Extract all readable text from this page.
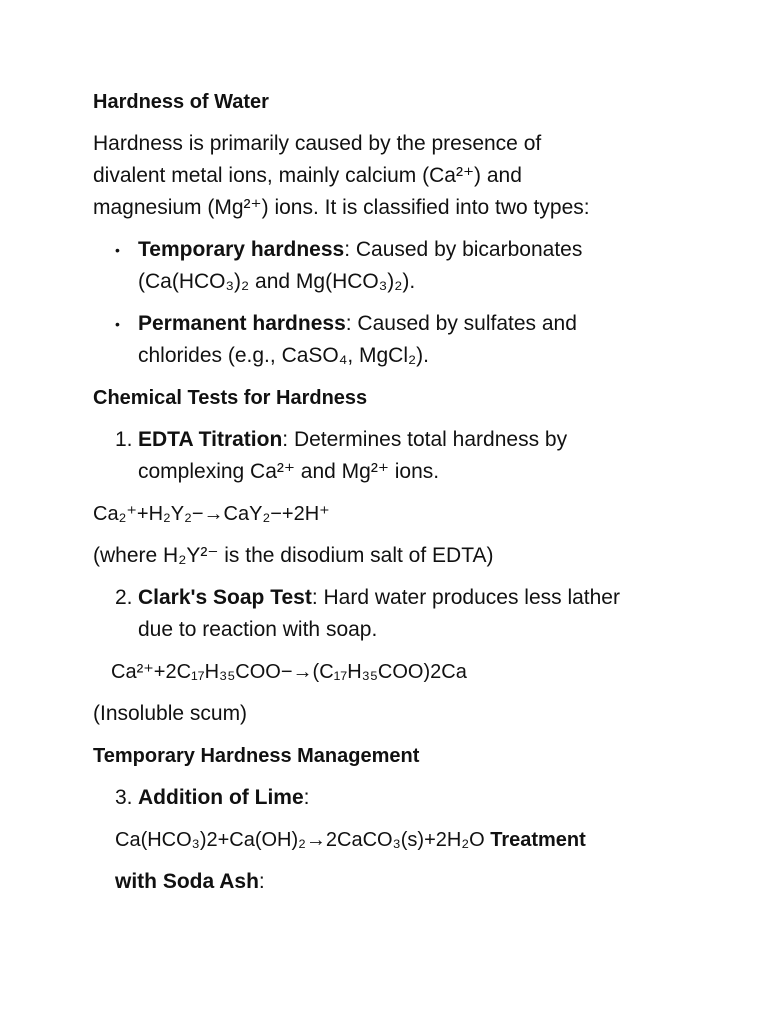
Hardness of Water
Hardness is primarily caused by the presence of
divalent metal ions, mainly calcium (Ca²⁺) and
magnesium (Mg²⁺) ions. It is classified into two types:
• Temporary hardness: Caused by bicarbonates
(Ca(HCO₃)₂ and Mg(HCO₃)₂).
• Permanent hardness: Caused by sulfates and
chlorides (e.g., CaSO₄, MgCl₂).
Chemical Tests for Hardness
1. EDTA Titration: Determines total hardness by
complexing Ca²⁺ and Mg²⁺ ions.
Ca₂⁺+H₂Y₂−→CaY₂−+2H⁺
(where H₂Y²⁻ is the disodium salt of EDTA)
2. Clark's Soap Test: Hard water produces less lather
due to reaction with soap.
Ca²⁺+2C₁₇H₃₅COO−→(C₁₇H₃₅COO)2Ca
(Insoluble scum)
Temporary Hardness Management
3. Addition of Lime:
Ca(HCO₃)2+Ca(OH)₂→2CaCO₃(s)+2H₂O Treatment
with Soda Ash:
